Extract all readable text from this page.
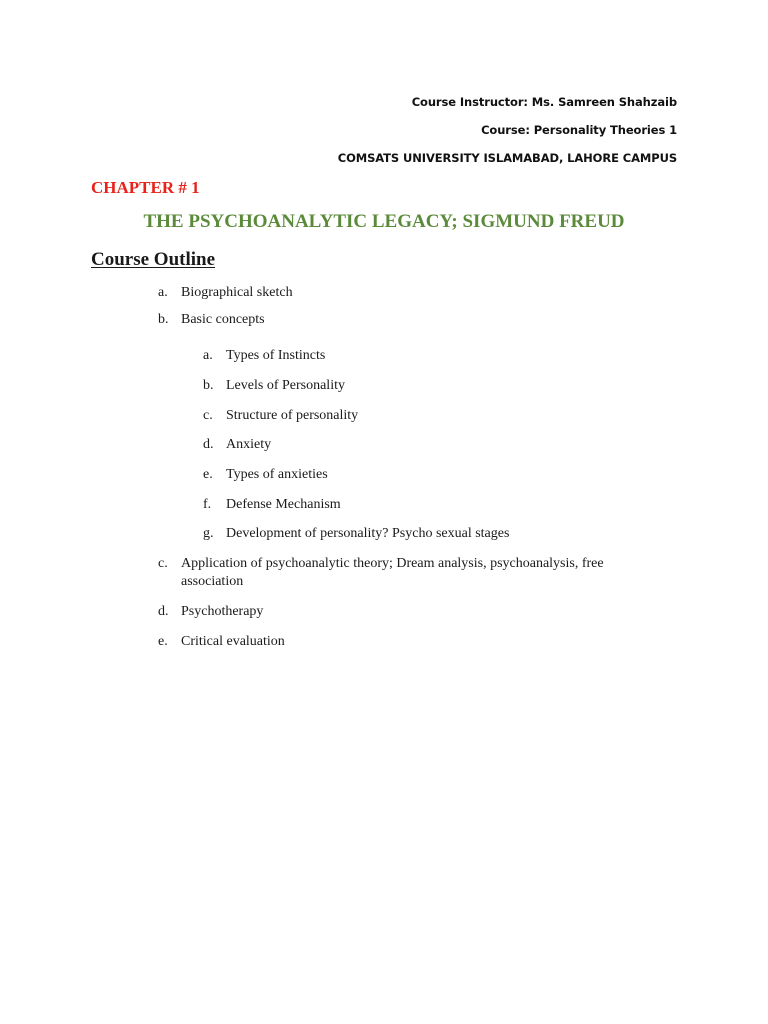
Course Instructor: Ms. Samreen Shahzaib
Course: Personality Theories 1
COMSATS UNIVERSITY ISLAMABAD, LAHORE CAMPUS
CHAPTER # 1
THE PSYCHOANALYTIC LEGACY; SIGMUND FREUD
Course Outline
a. Biographical sketch
b. Basic concepts
a. Types of Instincts
b. Levels of Personality
c. Structure of personality
d. Anxiety
e. Types of anxieties
f. Defense Mechanism
g. Development of personality? Psycho sexual stages
c. Application of psychoanalytic theory; Dream analysis, psychoanalysis, free association
d. Psychotherapy
e. Critical evaluation
